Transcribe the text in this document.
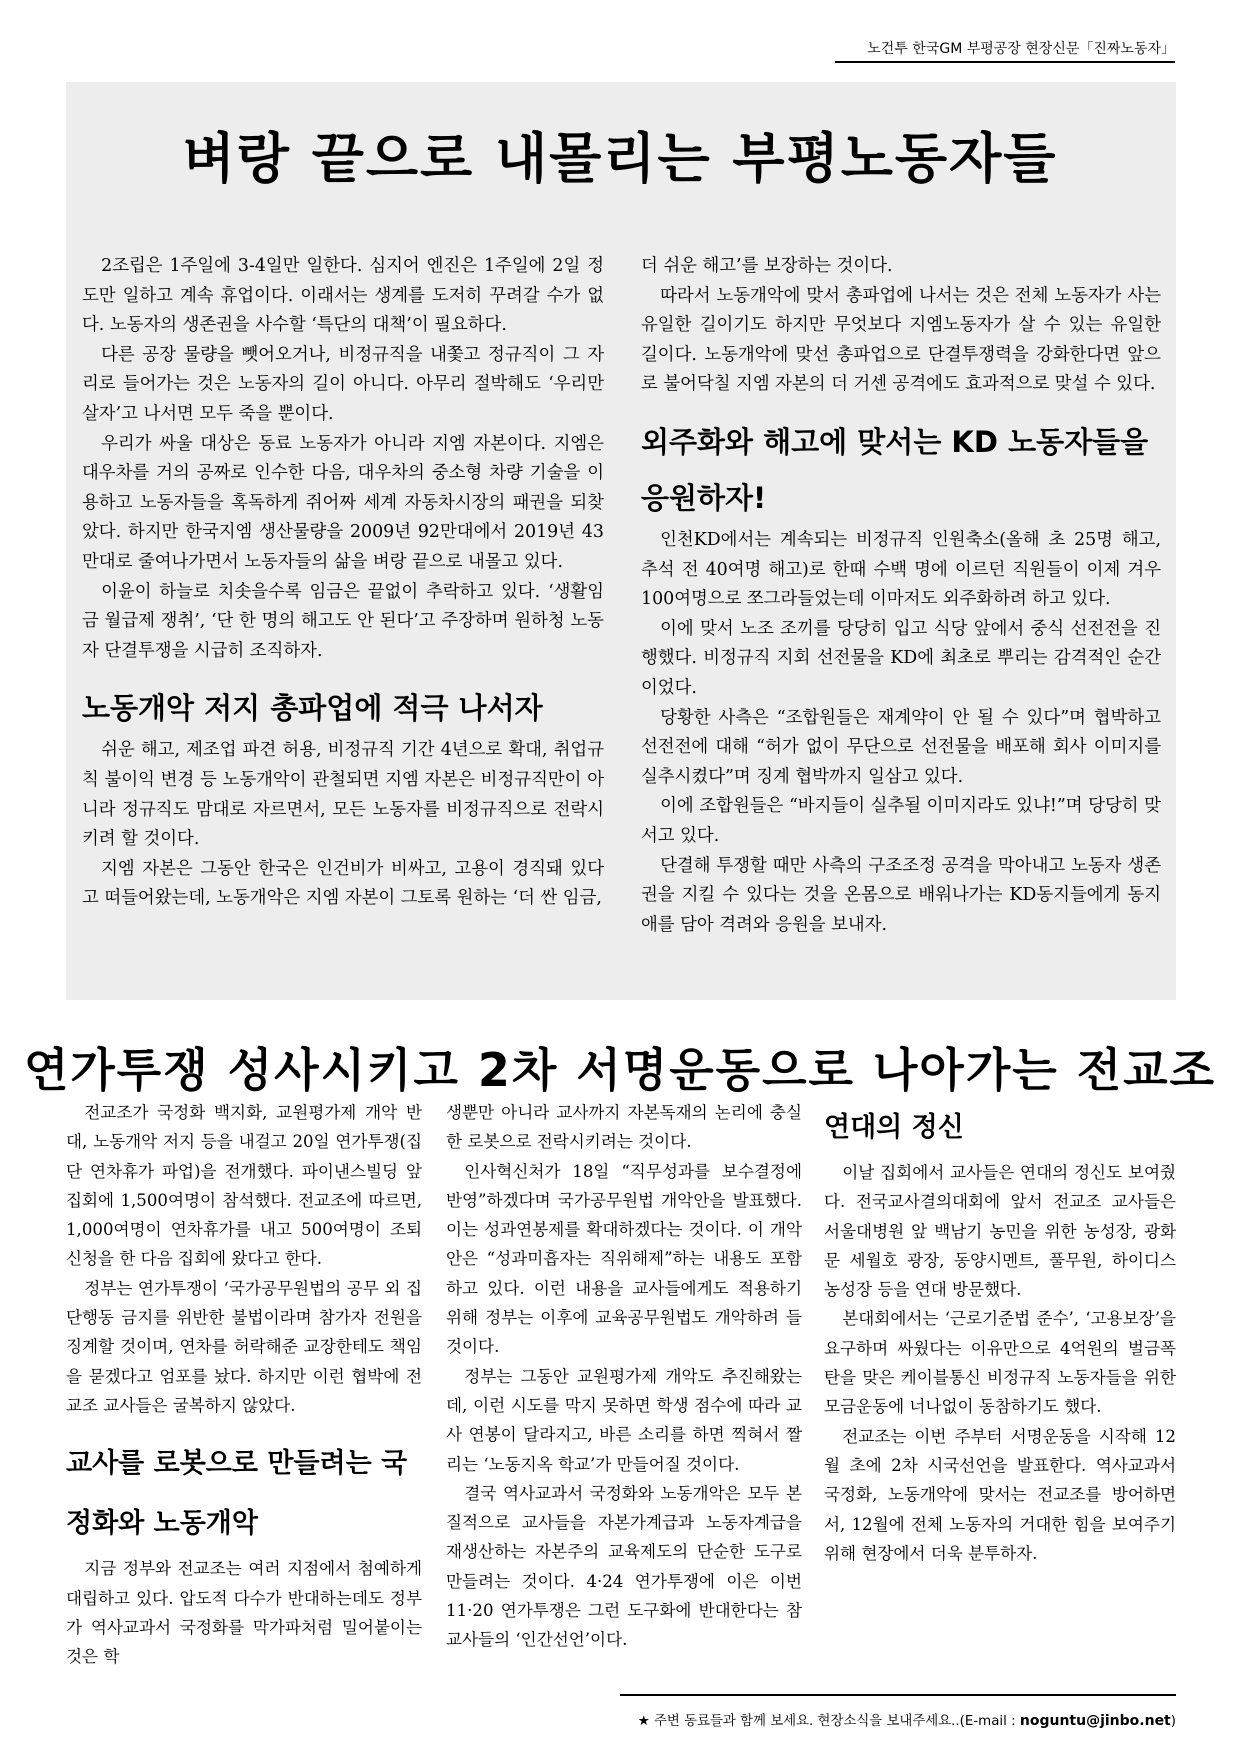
노건투 한국GM 부평공장 현장신문「진짜노동자」
벼랑 끝으로 내몰리는 부평노동자들

2조립은 1주일에 3-4일만 일한다. 심지어 엔진은 1주일에 2일 정도만 일하고 계속 휴업이다. 이래서는 생계를 도저히 꾸려갈 수가 없다. 노동자의 생존권을 사수할 ‘특단의 대책’이 필요하다.

다른 공장 물량을 뺏어오거나, 비정규직을 내쫓고 정규직이 그 자리로 들어가는 것은 노동자의 길이 아니다. 아무리 절박해도 ‘우리만 살자’고 나서면 모두 죽을 뿐이다.

우리가 싸울 대상은 동료 노동자가 아니라 지엠 자본이다. 지엠은 대우차를 거의 공짜로 인수한 다음, 대우차의 중소형 차량 기술을 이용하고 노동자들을 혹독하게 쥐어짜 세계 자동차시장의 패권을 되찾았다. 하지만 한국지엠 생산물량을 2009년 92만대에서 2019년 43만대로 줄여나가면서 노동자들의 삶을 벼랑 끝으로 내몰고 있다.

이윤이 하늘로 치솟을수록 임금은 끝없이 추락하고 있다. ‘생활임금 월급제 쟁취’, ‘단 한 명의 해고도 안 된다’고 주장하며 원하청 노동자 단결투쟁을 시급히 조직하자.

노동개악 저지 총파업에 적극 나서자

쉬운 해고, 제조업 파견 허용, 비정규직 기간 4년으로 확대, 취업규칙 불이익 변경 등 노동개악이 관철되면 지엠 자본은 비정규직만이 아니라 정규직도 맘대로 자르면서, 모든 노동자를 비정규직으로 전락시키려 할 것이다.

지엠 자본은 그동안 한국은 인건비가 비싸고, 고용이 경직돼 있다고 떠들어왔는데, 노동개악은 지엠 자본이 그토록 원하는 ‘더 싼 임금,

더 쉬운 해고’를 보장하는 것이다.

따라서 노동개악에 맞서 총파업에 나서는 것은 전체 노동자가 사는 유일한 길이기도 하지만 무엇보다 지엠노동자가 살 수 있는 유일한 길이다. 노동개악에 맞선 총파업으로 단결투쟁력을 강화한다면 앞으로 불어닥칠 지엠 자본의 더 거센 공격에도 효과적으로 맞설 수 있다.

외주화와 해고에 맞서는 KD 노동자들을 응원하자!

인천KD에서는 계속되는 비정규직 인원축소(올해 초 25명 해고, 추석 전 40여명 해고)로 한때 수백 명에 이르던 직원들이 이제 겨우 100여명으로 쪼그라들었는데 이마저도 외주화하려 하고 있다.

이에 맞서 노조 조끼를 당당히 입고 식당 앞에서 중식 선전전을 진행했다. 비정규직 지회 선전물을 KD에 최초로 뿌리는 감격적인 순간이었다.

당황한 사측은 “조합원들은 재계약이 안 될 수 있다”며 협박하고 선전전에 대해 “허가 없이 무단으로 선전물을 배포해 회사 이미지를 실추시켰다”며 징계 협박까지 일삼고 있다.

이에 조합원들은 “바지들이 실추될 이미지라도 있냐!”며 당당히 맞서고 있다.

단결해 투쟁할 때만 사측의 구조조정 공격을 막아내고 노동자 생존권을 지킬 수 있다는 것을 온몸으로 배워나가는 KD동지들에게 동지애를 담아 격려와 응원을 보내자.

연가투쟁 성사시키고 2차 서명운동으로 나아가는 전교조

전교조가 국정화 백지화, 교원평가제 개악 반대, 노동개악 저지 등을 내걸고 20일 연가투쟁(집단 연차휴가 파업)을 전개했다. 파이낸스빌딩 앞 집회에 1,500여명이 참석했다. 전교조에 따르면, 1,000여명이 연차휴가를 내고 500여명이 조퇴신청을 한 다음 집회에 왔다고 한다.

정부는 연가투쟁이 ‘국가공무원법의 공무 외 집단행동 금지를 위반한 불법이라며 참가자 전원을 징계할 것이며, 연차를 허락해준 교장한테도 책임을 묻겠다고 엄포를 놨다. 하지만 이런 협박에 전교조 교사들은 굴복하지 않았다.

교사를 로봇으로 만들려는 국정화와 노동개악

지금 정부와 전교조는 여러 지점에서 첨예하게 대립하고 있다. 압도적 다수가 반대하는데도 정부가 역사교과서 국정화를 막가파처럼 밀어붙이는 것은 학

생뿐만 아니라 교사까지 자본독재의 논리에 충실한 로봇으로 전락시키려는 것이다.

인사혁신처가 18일 “직무성과를 보수결정에 반영”하겠다며 국가공무원법 개악안을 발표했다. 이는 성과연봉제를 확대하겠다는 것이다. 이 개악안은 “성과미흡자는 직위해제”하는 내용도 포함하고 있다. 이런 내용을 교사들에게도 적용하기 위해 정부는 이후에 교육공무원법도 개악하려 들 것이다.

정부는 그동안 교원평가제 개악도 추진해왔는데, 이런 시도를 막지 못하면 학생 점수에 따라 교사 연봉이 달라지고, 바른 소리를 하면 찍혀서 짤리는 ‘노동지옥 학교’가 만들어질 것이다.

결국 역사교과서 국정화와 노동개악은 모두 본질적으로 교사들을 자본가계급과 노동자계급을 재생산하는 자본주의 교육제도의 단순한 도구로 만들려는 것이다. 4·24 연가투쟁에 이은 이번 11·20 연가투쟁은 그런 도구화에 반대한다는 참교사들의 ‘인간선언’이다.

연대의 정신

이날 집회에서 교사들은 연대의 정신도 보여줬다. 전국교사결의대회에 앞서 전교조 교사들은 서울대병원 앞 백남기 농민을 위한 농성장, 광화문 세월호 광장, 동양시멘트, 풀무원, 하이디스 농성장 등을 연대 방문했다.

본대회에서는 ‘근로기준법 준수’, ‘고용보장’을 요구하며 싸웠다는 이유만으로 4억원의 벌금폭탄을 맞은 케이블통신 비정규직 노동자들을 위한 모금운동에 너나없이 동참하기도 했다.

전교조는 이번 주부터 서명운동을 시작해 12월 초에 2차 시국선언을 발표한다. 역사교과서 국정화, 노동개악에 맞서는 전교조를 방어하면서, 12월에 전체 노동자의 거대한 힘을 보여주기 위해 현장에서 더욱 분투하자.

★ 주변 동료들과 함께 보세요. 현장소식을 보내주세요..(E-mail : noguntu@jinbo.net)
